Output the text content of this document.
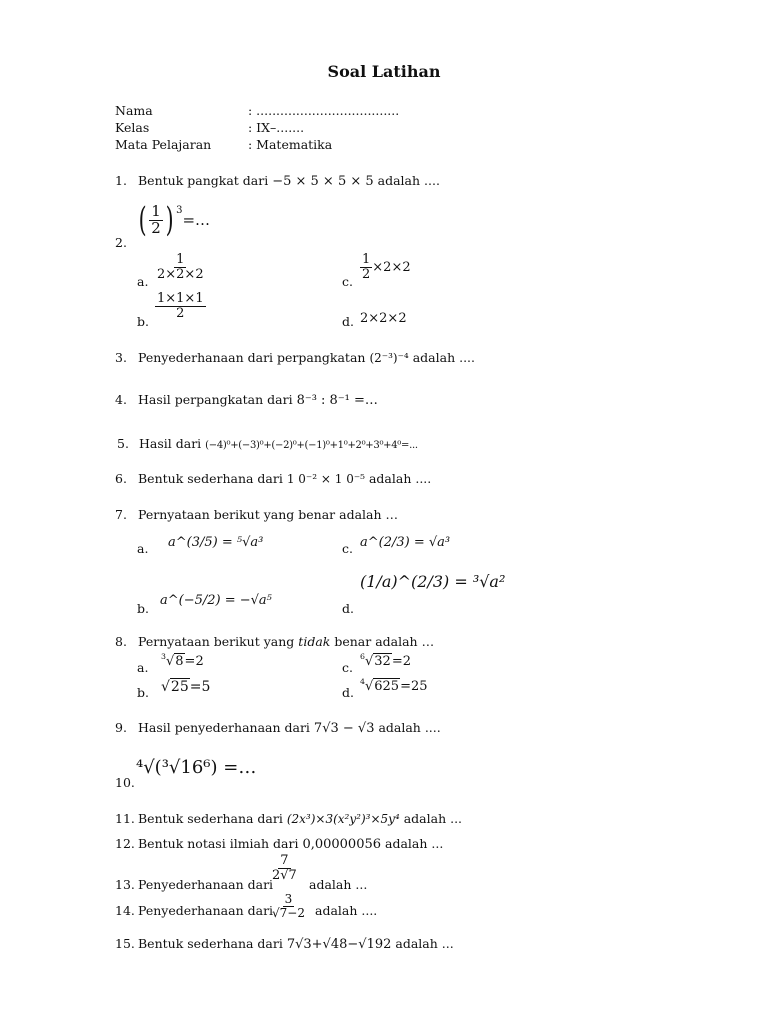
Soal Latihan
Nama	: ....................................
Kelas	: IX–.......
Mata Pelajaran	: Matematika
1. Bentuk pangkat dari −5 × 5 × 5 × 5 adalah ....
2.
( $\frac{1}{2}$ ) 3
=…
a.
$\frac{1}{2\times 2\times 2}$
b.
$\frac{1\times 1\times 1}{2}$
c.
$\frac{1}{2} \times 2\times 2$
d. 2×2×2
3. Penyederhanaan dari perpangkatan (2⁻³)⁻⁴ adalah ....
4. Hasil perpangkatan dari 8⁻³ : 8⁻¹ =…
5. Hasil dari (−4)⁰+(−3)⁰+(−2)⁰+(−1)⁰+1⁰+2⁰+3⁰+4⁰=...
6. Bentuk sederhana dari 1 0⁻² × 1 0⁻⁵ adalah ....
7. Pernyataan berikut yang benar adalah …
a. a^(3/5) = ⁵√a³
b.
a^(−5/2) = −√a⁵
c. a^(2/3) = √a³
d.
(1/a)^(2/3) = ³√a²
8. Pernyataan berikut yang tidak benar adalah …
a.
$^3$√8=2
b. √25=5
c.
$^6$√32=2
d.
$^4$√625=25
9. Hasil penyederhanaan dari 7√3 − √3 adalah ....
10.
⁴√(³√16⁶) =…
11. Bentuk sederhana dari (2x³)×3(x²y²)³×5y⁴ adalah ...
12. Bentuk notasi ilmiah dari 0,00000056 adalah ...
13. Penyederhanaan dari
$\frac{7}{2√7}$
adalah ...
14. Penyederhanaan dari
$\frac{3}{√7-2}$ adalah ....
15. Bentuk sederhana dari 7√3+√48−√192 adalah ...
